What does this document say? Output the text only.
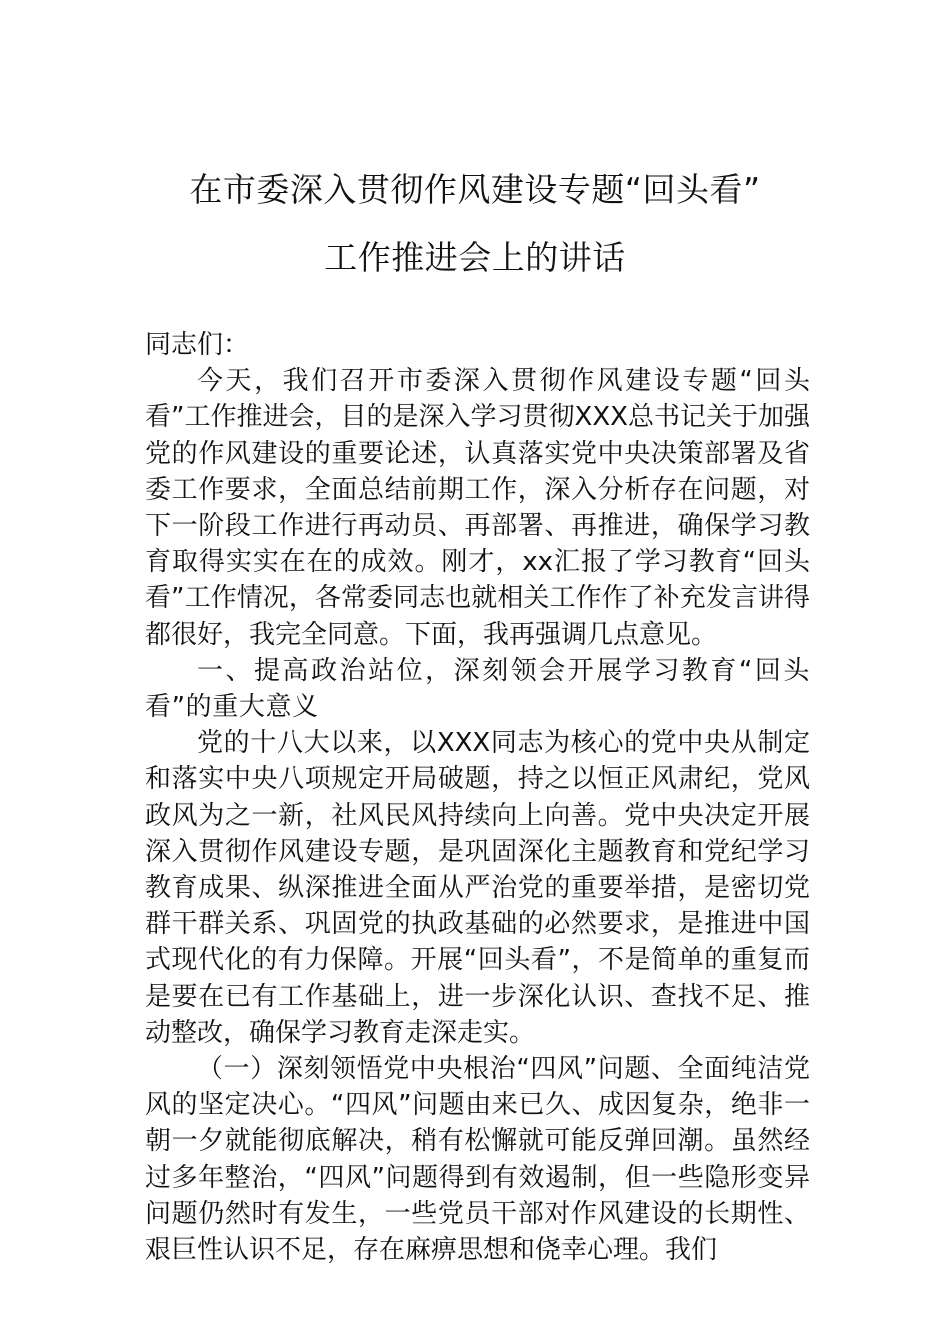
在市委深入贯彻作风建设专题“回头看”
工作推进会上的讲话

同志们：

今天，我们召开市委深入贯彻作风建设专题“回头看”工作推进会，目的是深入学习贯彻XXX总书记关于加强党的作风建设的重要论述，认真落实党中央决策部署及省委工作要求，全面总结前期工作，深入分析存在问题，对下一阶段工作进行再动员、再部署、再推进，确保学习教育取得实实在在的成效。刚才，xx汇报了学习教育“回头看”工作情况，各常委同志也就相关工作作了补充发言讲得都很好，我完全同意。下面，我再强调几点意见。

一、提高政治站位，深刻领会开展学习教育“回头看”的重大意义

党的十八大以来，以XXX同志为核心的党中央从制定和落实中央八项规定开局破题，持之以恒正风肃纪，党风政风为之一新，社风民风持续向上向善。党中央决定开展深入贯彻作风建设专题，是巩固深化主题教育和党纪学习教育成果、纵深推进全面从严治党的重要举措，是密切党群干群关系、巩固党的执政基础的必然要求，是推进中国式现代化的有力保障。开展“回头看”，不是简单的重复而是要在已有工作基础上，进一步深化认识、查找不足、推动整改，确保学习教育走深走实。

（一）深刻领悟党中央根治“四风”问题、全面纯洁党风的坚定决心。“四风”问题由来已久、成因复杂，绝非一朝一夕就能彻底解决，稍有松懈就可能反弹回潮。虽然经过多年整治，“四风”问题得到有效遏制，但一些隐形变异问题仍然时有发生，一些党员干部对作风建设的长期性、艰巨性认识不足，存在麻痹思想和侥幸心理。我们
